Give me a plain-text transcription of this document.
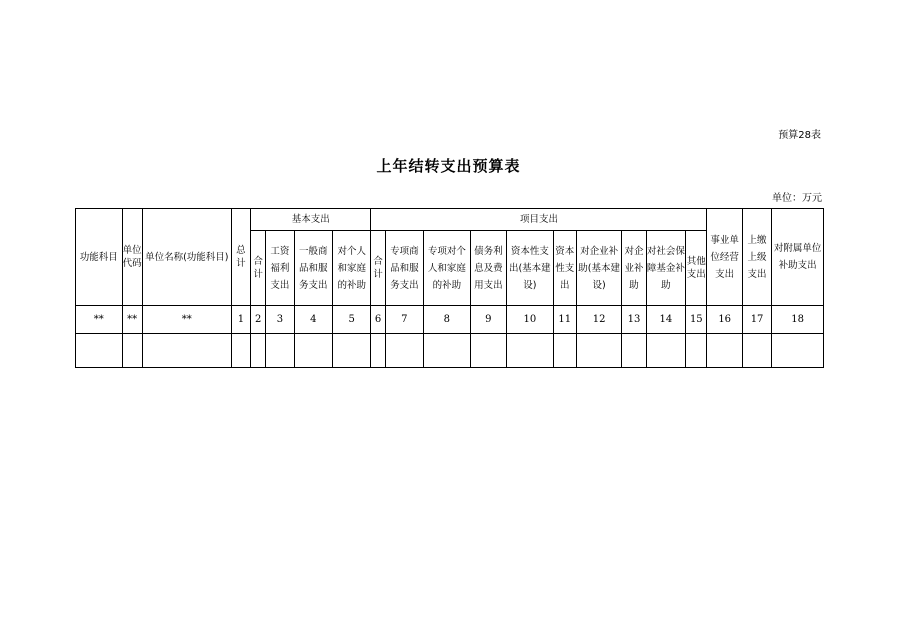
预算28表
上年结转支出预算表
单位：万元
功能科目	单位代码	单位名称(功能科目)	总计	基本支出				项目支出										事业单位经营支出	上缴上级支出	对附属单位补助支出
				合计	工资福利支出	一般商品和服务支出	对个人和家庭的补助	合计	专项商品和服务支出	专项对个人和家庭的补助	债务利息及费用支出	资本性支出(基本建设)	资本性支出	对企业补助(基本建设)	对企业补助	对社会保障基金补助	其他支出			
**	**	**	1	2	3	4	5	6	7	8	9	10	11	12	13	14	15	16	17	18
